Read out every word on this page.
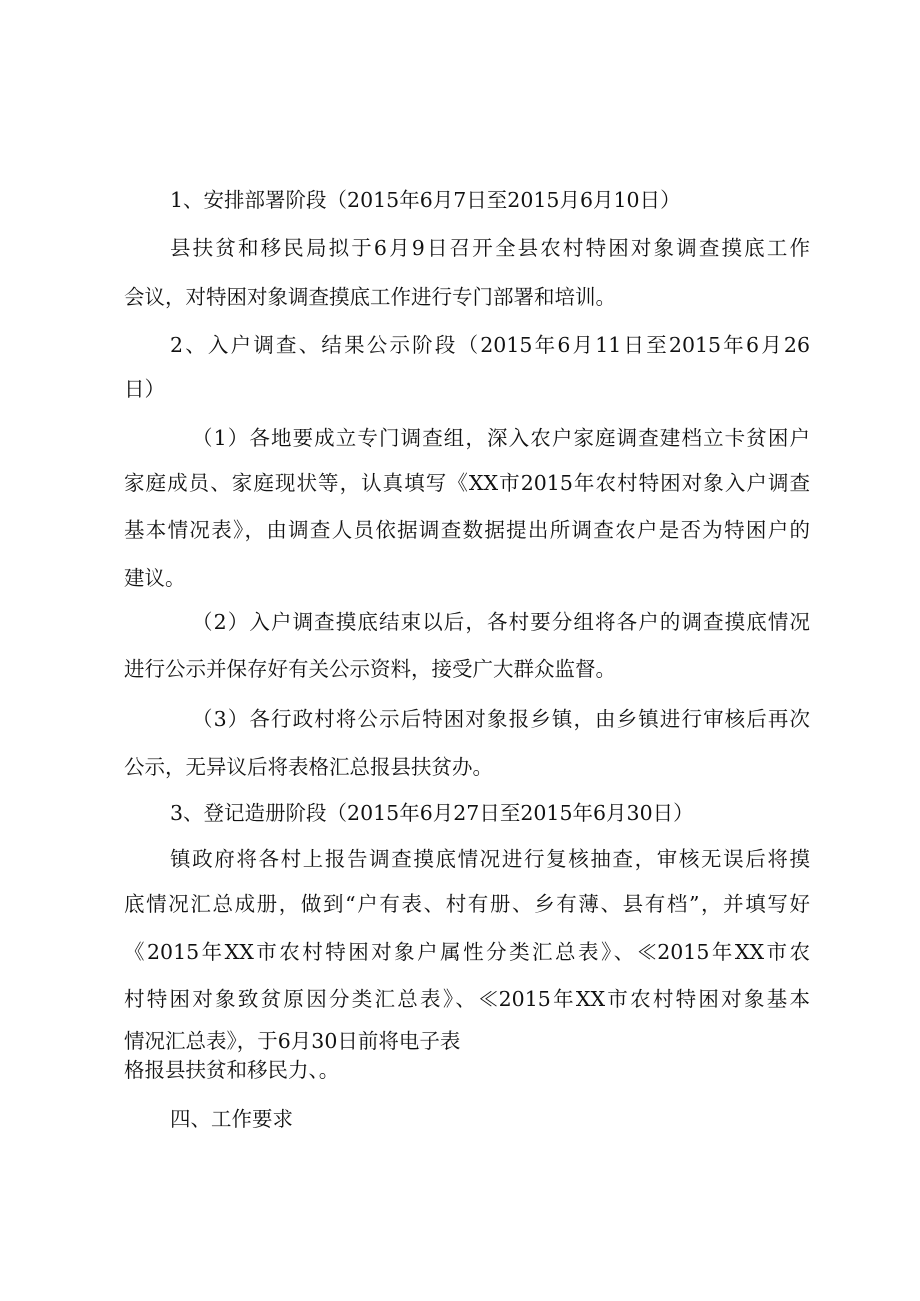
1、安排部署阶段（2015年6月7日至2015月6月10日）
县扶贫和移民局拟于6月9日召开全县农村特困对象调查摸底工作
会议，对特困对象调查摸底工作进行专门部署和培训。
2、入户调查、结果公示阶段（2015年6月11日至2015年6月26
日）
（1）各地要成立专门调查组，深入农户家庭调查建档立卡贫困户
家庭成员、家庭现状等，认真填写《XX市2015年农村特困对象入户调查
基本情况表》，由调查人员依据调查数据提出所调查农户是否为特困户的
建议。
（2）入户调查摸底结束以后，各村要分组将各户的调查摸底情况
进行公示并保存好有关公示资料，接受广大群众监督。
（3）各行政村将公示后特困对象报乡镇，由乡镇进行审核后再次
公示，无异议后将表格汇总报县扶贫办。
3、登记造册阶段（2015年6月27日至2015年6月30日）
镇政府将各村上报告调查摸底情况进行复核抽查，审核无误后将摸
底情况汇总成册，做到“户有表、村有册、乡有薄、县有档”，并填写好
《2015年XX市农村特困对象户属性分类汇总表》、≪2015年XX市农
村特困对象致贫原因分类汇总表》、≪2015年XX市农村特困对象基本
情况汇总表》，于6月30日前将电子表
格报县扶贫和移民力、。
四、工作要求
